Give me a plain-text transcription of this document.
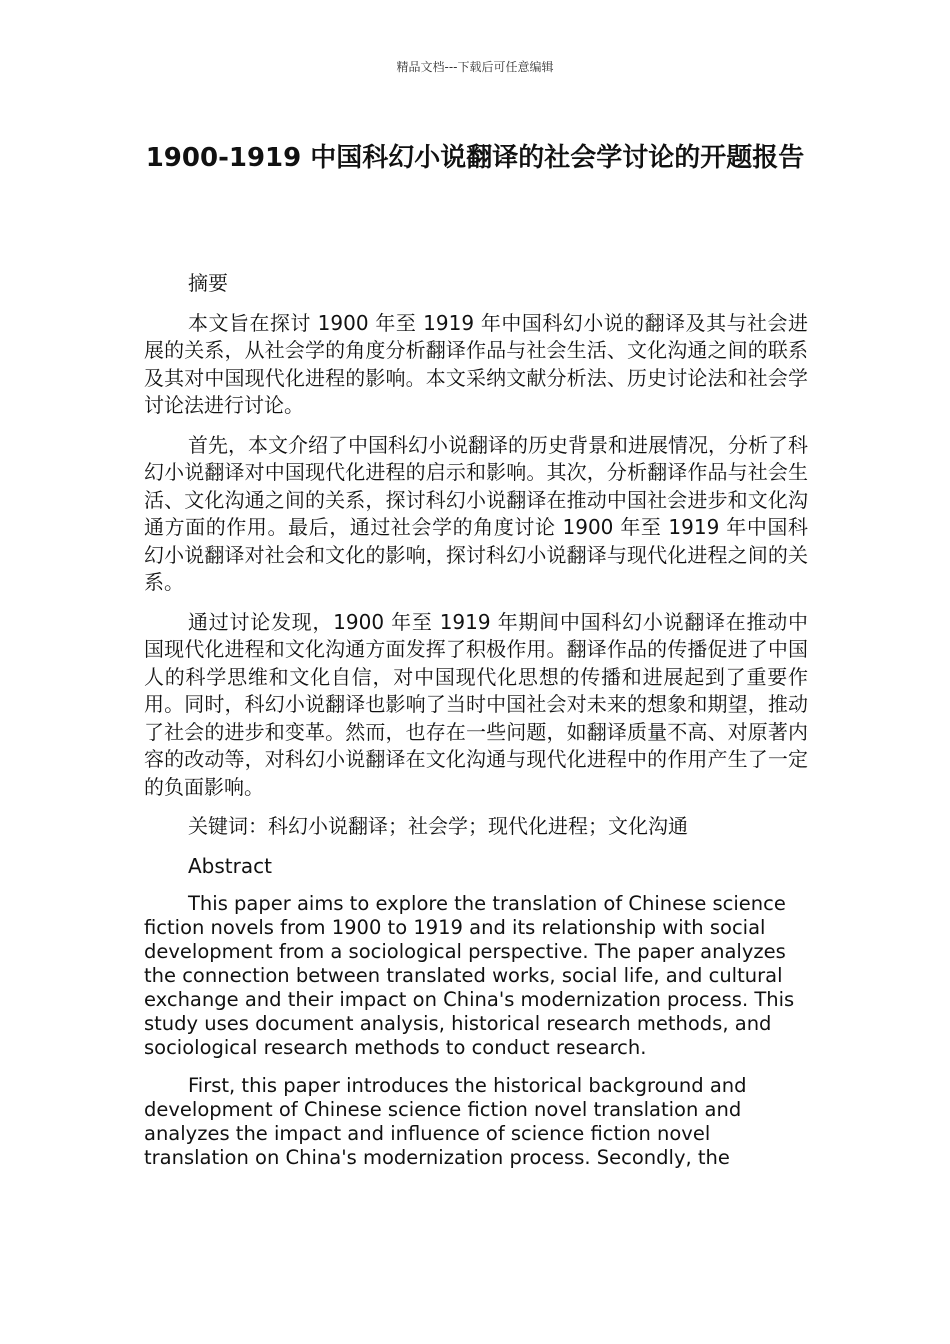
精品文档---下载后可任意编辑
1900-1919 中国科幻小说翻译的社会学讨论的开题报告

摘要

本文旨在探讨 1900 年至 1919 年中国科幻小说的翻译及其与社会进展的关系，从社会学的角度分析翻译作品与社会生活、文化沟通之间的联系及其对中国现代化进程的影响。本文采纳文献分析法、历史讨论法和社会学讨论法进行讨论。

首先，本文介绍了中国科幻小说翻译的历史背景和进展情况，分析了科幻小说翻译对中国现代化进程的启示和影响。其次，分析翻译作品与社会生活、文化沟通之间的关系，探讨科幻小说翻译在推动中国社会进步和文化沟通方面的作用。最后，通过社会学的角度讨论 1900 年至 1919 年中国科幻小说翻译对社会和文化的影响，探讨科幻小说翻译与现代化进程之间的关系。

通过讨论发现，1900 年至 1919 年期间中国科幻小说翻译在推动中国现代化进程和文化沟通方面发挥了积极作用。翻译作品的传播促进了中国人的科学思维和文化自信，对中国现代化思想的传播和进展起到了重要作用。同时，科幻小说翻译也影响了当时中国社会对未来的想象和期望，推动了社会的进步和变革。然而，也存在一些问题，如翻译质量不高、对原著内容的改动等，对科幻小说翻译在文化沟通与现代化进程中的作用产生了一定的负面影响。

关键词：科幻小说翻译；社会学；现代化进程；文化沟通

Abstract

This paper aims to explore the translation of Chinese science fiction novels from 1900 to 1919 and its relationship with social development from a sociological perspective. The paper analyzes the connection between translated works, social life, and cultural exchange and their impact on China's modernization process. This study uses document analysis, historical research methods, and sociological research methods to conduct research.

First, this paper introduces the historical background and development of Chinese science fiction novel translation and analyzes the impact and influence of science fiction novel translation on China's modernization process. Secondly, the
